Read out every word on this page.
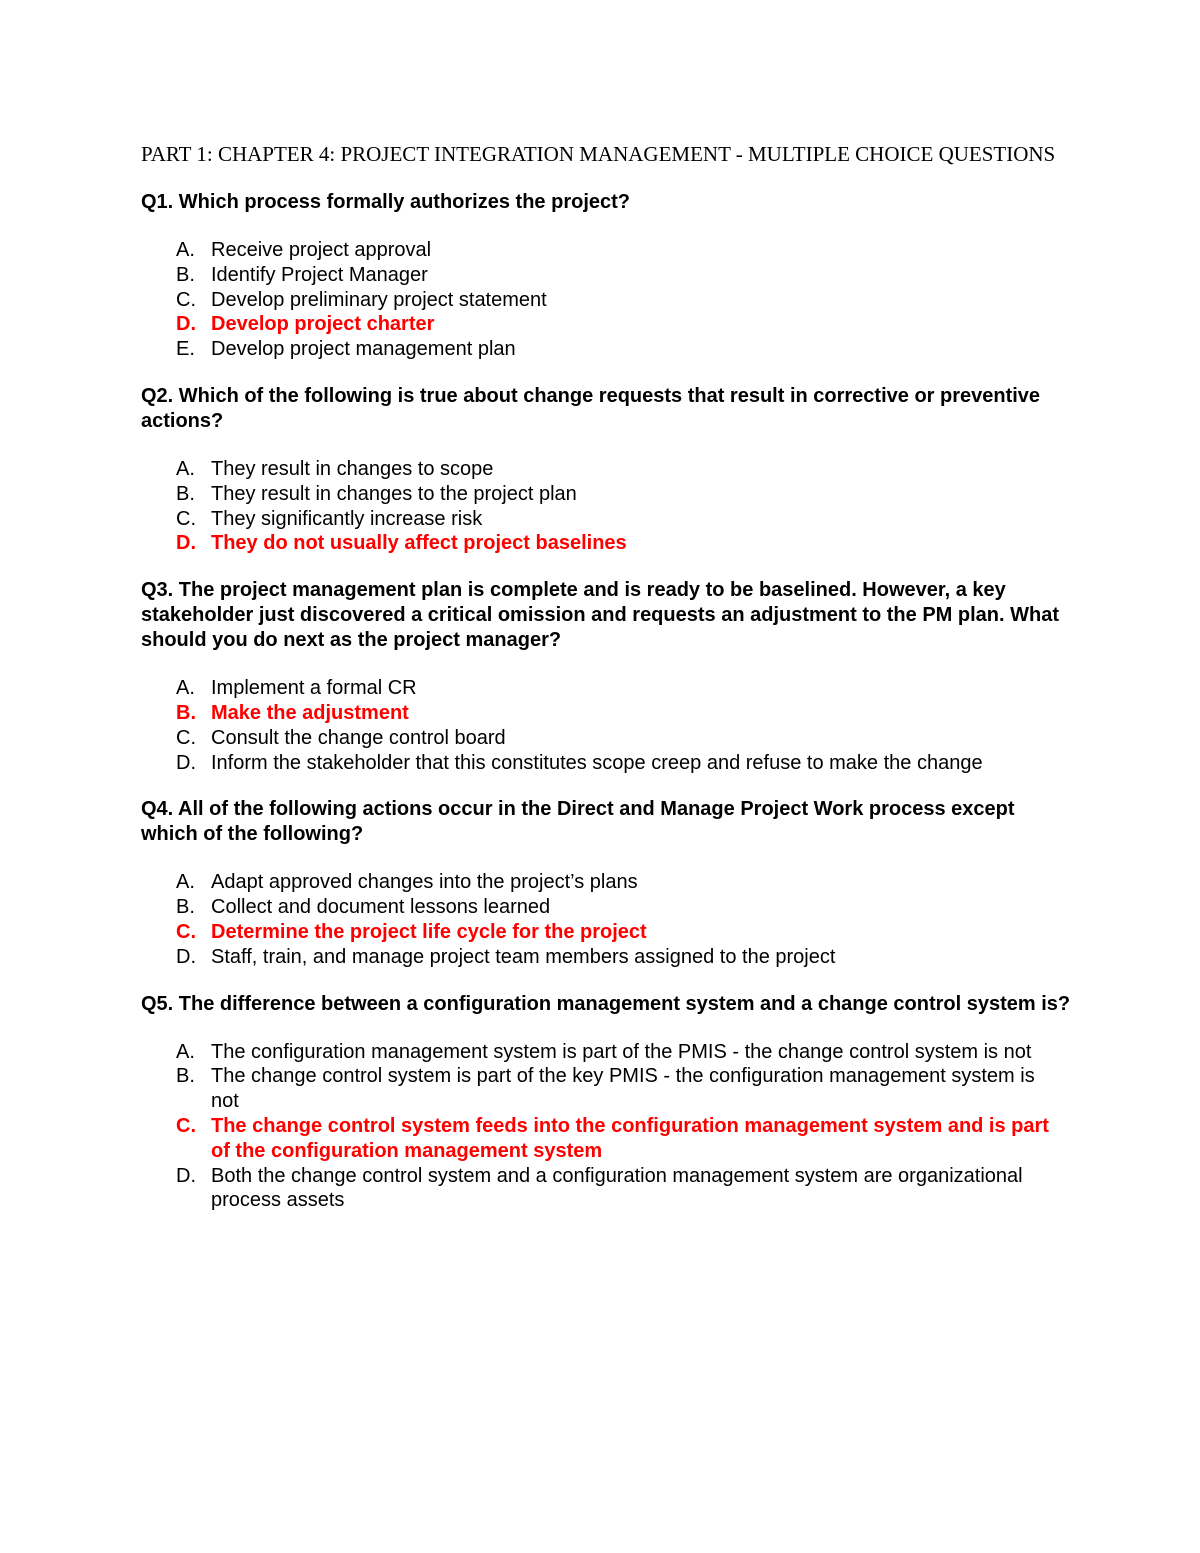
PART 1: CHAPTER 4: PROJECT INTEGRATION MANAGEMENT - MULTIPLE CHOICE QUESTIONS
Q1. Which process formally authorizes the project?
A. Receive project approval
B. Identify Project Manager
C. Develop preliminary project statement
D. Develop project charter
E. Develop project management plan
Q2. Which of the following is true about change requests that result in corrective or preventive actions?
A. They result in changes to scope
B. They result in changes to the project plan
C. They significantly increase risk
D. They do not usually affect project baselines
Q3. The project management plan is complete and is ready to be baselined. However, a key stakeholder just discovered a critical omission and requests an adjustment to the PM plan. What should you do next as the project manager?
A. Implement a formal CR
B. Make the adjustment
C. Consult the change control board
D. Inform the stakeholder that this constitutes scope creep and refuse to make the change
Q4. All of the following actions occur in the Direct and Manage Project Work process except which of the following?
A. Adapt approved changes into the project’s plans
B. Collect and document lessons learned
C. Determine the project life cycle for the project
D. Staff, train, and manage project team members assigned to the project
Q5. The difference between a configuration management system and a change control system is?
A. The configuration management system is part of the PMIS - the change control system is not
B. The change control system is part of the key PMIS - the configuration management system is not
C. The change control system feeds into the configuration management system and is part of the configuration management system
D. Both the change control system and a configuration management system are organizational process assets
